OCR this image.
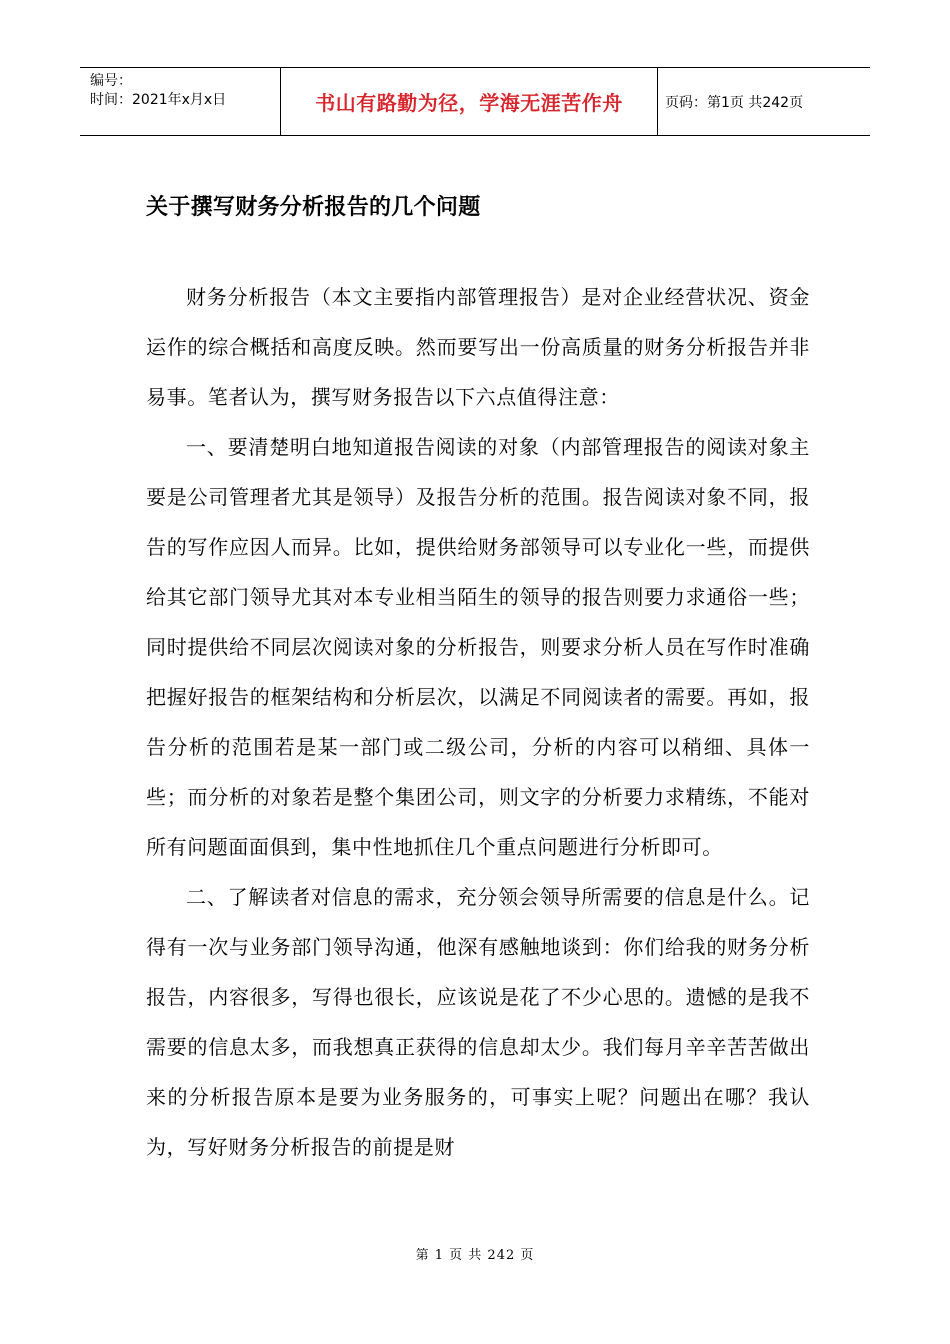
编号：
时间：2021年x月x日	书山有路勤为径，学海无涯苦作舟	页码：第1页 共242页
关于撰写财务分析报告的几个问题

财务分析报告（本文主要指内部管理报告）是对企业经营状况、资金运作的综合概括和高度反映。然而要写出一份高质量的财务分析报告并非易事。笔者认为，撰写财务报告以下六点值得注意：

一、要清楚明白地知道报告阅读的对象（内部管理报告的阅读对象主要是公司管理者尤其是领导）及报告分析的范围。报告阅读对象不同，报告的写作应因人而异。比如，提供给财务部领导可以专业化一些，而提供给其它部门领导尤其对本专业相当陌生的领导的报告则要力求通俗一些；同时提供给不同层次阅读对象的分析报告，则要求分析人员在写作时准确把握好报告的框架结构和分析层次，以满足不同阅读者的需要。再如，报告分析的范围若是某一部门或二级公司，分析的内容可以稍细、具体一些；而分析的对象若是整个集团公司，则文字的分析要力求精练，不能对所有问题面面俱到，集中性地抓住几个重点问题进行分析即可。

二、了解读者对信息的需求，充分领会领导所需要的信息是什么。记得有一次与业务部门领导沟通，他深有感触地谈到：你们给我的财务分析报告，内容很多，写得也很长，应该说是花了不少心思的。遗憾的是我不需要的信息太多，而我想真正获得的信息却太少。我们每月辛辛苦苦做出来的分析报告原本是要为业务服务的，可事实上呢？问题出在哪？我认为，写好财务分析报告的前提是财

第 1 页 共 242 页
